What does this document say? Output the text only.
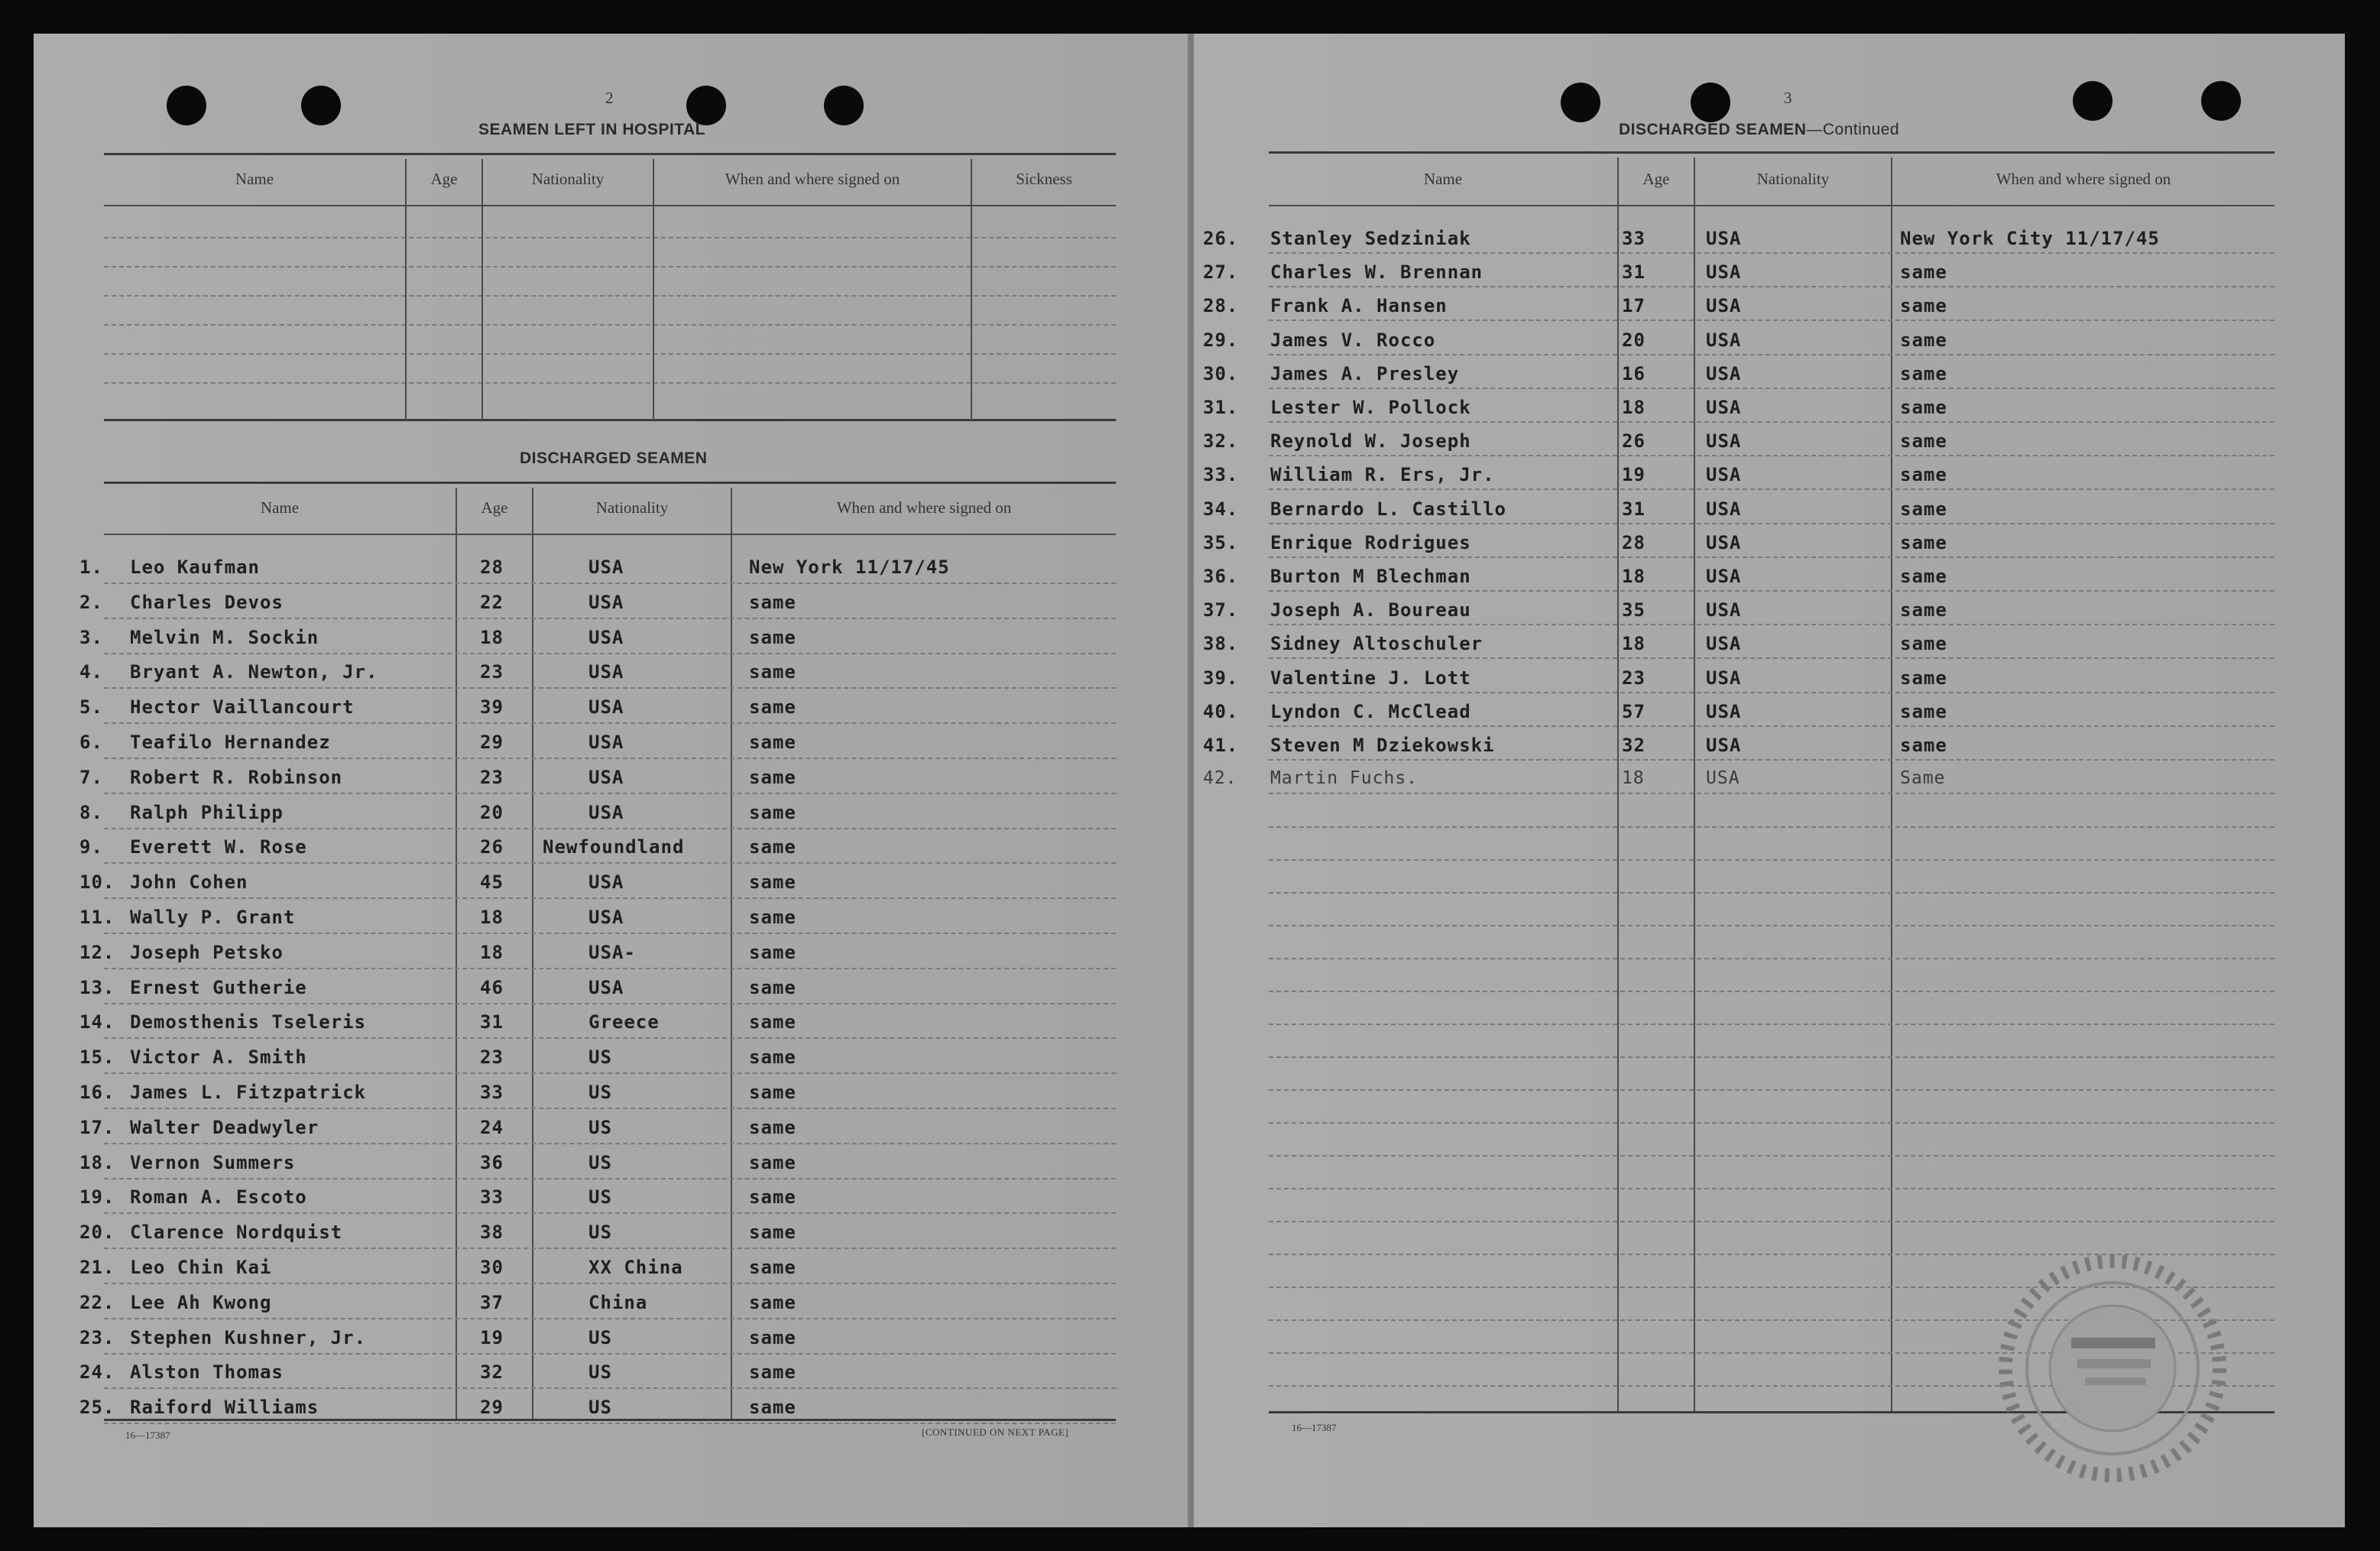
2
SEAMEN LEFT IN HOSPITAL
Name	Age	Nationality	When and where signed on	Sickness
DISCHARGED SEAMEN
Name	Age	Nationality	When and where signed on
1. Leo Kaufman	28	USA	New York 11/17/45
2. Charles Devos	22	USA	same
3. Melvin M. Sockin	18	USA	same
4. Bryant A. Newton, Jr.	23	USA	same
5. Hector Vaillancourt	39	USA	same
6. Teafilo Hernandez	29	USA	same
7. Robert R. Robinson	23	USA	same
8. Ralph Philipp	20	USA	same
9. Everett W. Rose	26 Newfoundland	same
10. John Cohen	45	USA	same
11. Wally P. Grant	18	USA	same
12. Joseph Petsko	18	USA-	same
13. Ernest Gutherie	46	USA	same
14. Demosthenis Tseleris	31	Greece	same
15. Victor A. Smith	23	US	same
16. James L. Fitzpatrick	33	US	same
17. Walter Deadwyler	24	US	same
18. Vernon Summers	36	US	same
19. Roman A. Escoto	33	US	same
20. Clarence Nordquist	38	US	same
21. Leo Chin Kai	30	XX China	same
22. Lee Ah Kwong	37	China	same
23. Stephen Kushner, Jr.	19	US	same
24. Alston Thomas	32	US	same
25. Raiford Williams	29	US	same
16—17387	[CONTINUED ON NEXT PAGE]
3
DISCHARGED SEAMEN—Continued
Name	Age	Nationality	When and where signed on
26. Stanley Sedziniak	33	USA	New York City 11/17/45
27. Charles W. Brennan	31	USA	same
28. Frank A. Hansen	17	USA	same
29. James V. Rocco	20	USA	same
30. James A. Presley	16	USA	same
31. Lester W. Pollock	18	USA	same
32. Reynold W. Joseph	26	USA	same
33. William R. Ers, Jr.	19	USA	same
34. Bernardo L. Castillo	31	USA	same
35. Enrique Rodrigues	28	USA	same
36. Burton M Blechman	18	USA	same
37. Joseph A. Boureau	35	USA	same
38. Sidney Altoschuler	18	USA	same
39. Valentine J. Lott	23	USA	same
40. Lyndon C. McClead	57	USA	same
41. Steven M Dziekowski	32	USA	same
42. Martin Fuchs.	18	USA	Same
16—17387
